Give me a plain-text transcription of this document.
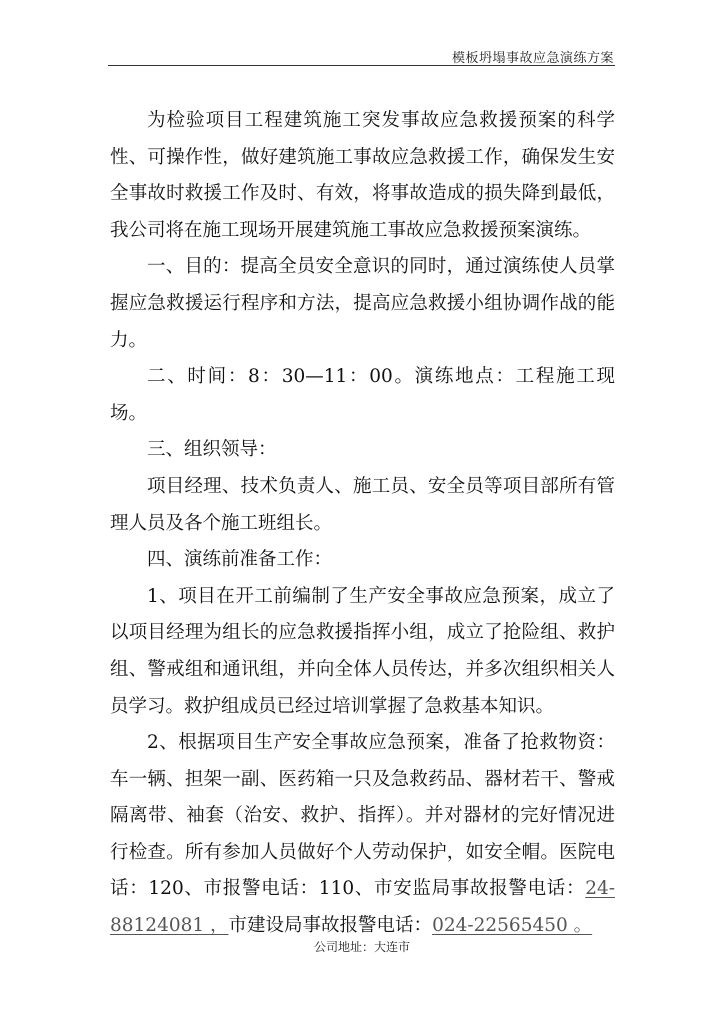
模板坍塌事故应急演练方案

为检验项目工程建筑施工突发事故应急救援预案的科学性、可操作性，做好建筑施工事故应急救援工作，确保发生安全事故时救援工作及时、有效，将事故造成的损失降到最低，我公司将在施工现场开展建筑施工事故应急救援预案演练。

一、目的：提高全员安全意识的同时，通过演练使人员掌握应急救援运行程序和方法，提高应急救援小组协调作战的能力。

二、时间：8：30—11：00。演练地点：工程施工现场。

三、组织领导：

项目经理、技术负责人、施工员、安全员等项目部所有管理人员及各个施工班组长。

四、演练前准备工作：

1、项目在开工前编制了生产安全事故应急预案，成立了以项目经理为组长的应急救援指挥小组，成立了抢险组、救护组、警戒组和通讯组，并向全体人员传达，并多次组织相关人员学习。救护组成员已经过培训掌握了急救基本知识。

2、根据项目生产安全事故应急预案，准备了抢救物资：车一辆、担架一副、医药箱一只及急救药品、器材若干、警戒隔离带、袖套（治安、救护、指挥）。并对器材的完好情况进行检查。所有参加人员做好个人劳动保护，如安全帽。医院电话：120、市报警电话：110、市安监局事故报警电话：24-88124081 ，市建设局事故报警电话：024-22565450 。

公司地址：大连市
